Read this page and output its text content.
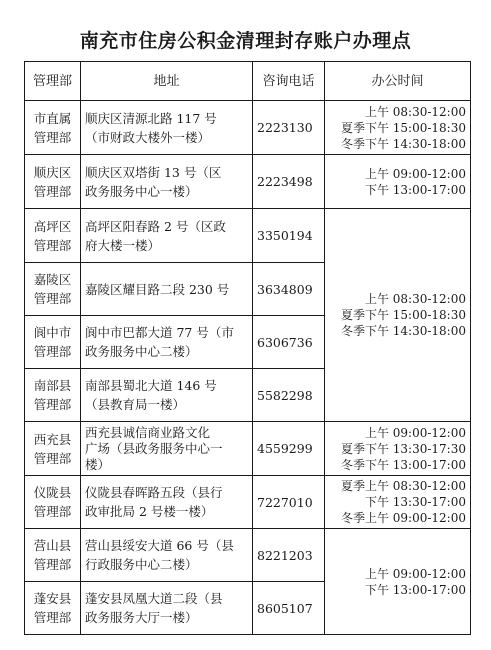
南充市住房公积金清理封存账户办理点
管理部	地址	咨询电话	办公时间

市直属
管理部	顺庆区清源北路 117 号
（市财政大楼外一楼）	2223130	上午 08:30-12:00
夏季下午 15:00-18:30
冬季下午 14:30-18:00

顺庆区
管理部	顺庆区双塔街 13 号（区
政务服务中心一楼）	2223498	上午 09:00-12:00
下午 13:00-17:00

高坪区
管理部	高坪区阳春路 2 号（区政
府大楼一楼）	3350194	上午 08:30-12:00
夏季下午 15:00-18:30
冬季下午 14:30-18:00

嘉陵区
管理部	嘉陵区耀目路二段 230 号	3634809	

阆中市
管理部	阆中市巴都大道 77 号（市
政务服务中心二楼）	6306736	

南部县
管理部	南部县蜀北大道 146 号
（县教育局一楼）	5582298	

西充县
管理部	西充县诚信商业路文化
广场（县政务服务中心一
楼）	4559299	上午 09:00-12:00
夏季下午 13:30-17:30
冬季下午 13:00-17:00

仪陇县
管理部	仪陇县春晖路五段（县行
政审批局 2 号楼一楼）	7227010	夏季上午 08:30-12:00
下午 13:30-17:00
冬季上午 09:00-12:00

营山县
管理部	营山县绥安大道 66 号（县
行政服务中心二楼）	8221203	上午 09:00-12:00
下午 13:00-17:00

蓬安县
管理部	蓬安县凤凰大道二段（县
政务服务大厅一楼）	8605107	
